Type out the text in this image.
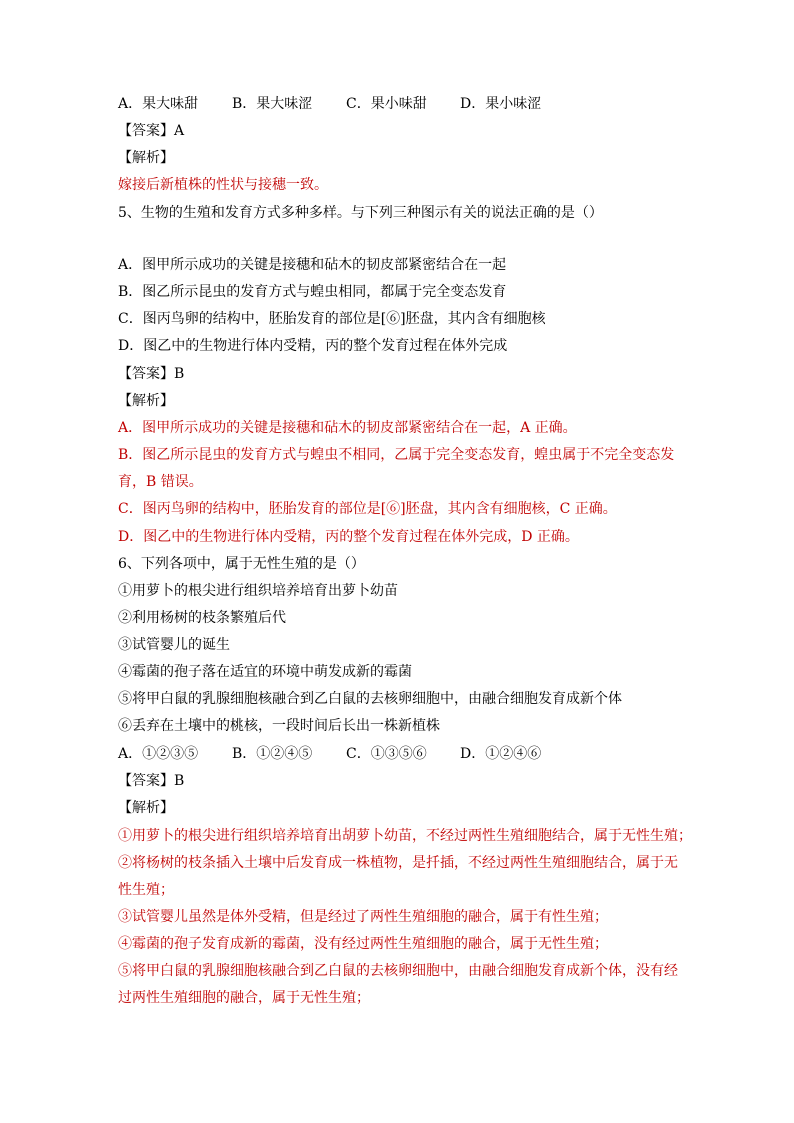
A．果大味甜 B．果大味涩 C．果小味甜 D．果小味涩
【答案】A
【解析】
嫁接后新植株的性状与接穗一致。
5、生物的生殖和发育方式多种多样。与下列三种图示有关的说法正确的是（）
A．图甲所示成功的关键是接穗和砧木的韧皮部紧密结合在一起
B．图乙所示昆虫的发育方式与蝗虫相同，都属于完全变态发育
C．图丙鸟卵的结构中，胚胎发育的部位是[⑥]胚盘，其内含有细胞核
D．图乙中的生物进行体内受精，丙的整个发育过程在体外完成
【答案】B
【解析】
A．图甲所示成功的关键是接穗和砧木的韧皮部紧密结合在一起，A 正确。
B．图乙所示昆虫的发育方式与蝗虫不相同，乙属于完全变态发育，蝗虫属于不完全变态发
育，B 错误。
C．图丙鸟卵的结构中，胚胎发育的部位是[⑥]胚盘，其内含有细胞核，C 正确。
D．图乙中的生物进行体内受精，丙的整个发育过程在体外完成，D 正确。
6、下列各项中，属于无性生殖的是（）
①用萝卜的根尖进行组织培养培育出萝卜幼苗
②利用杨树的枝条繁殖后代
③试管婴儿的诞生
④霉菌的孢子落在适宜的环境中萌发成新的霉菌
⑤将甲白鼠的乳腺细胞核融合到乙白鼠的去核卵细胞中，由融合细胞发育成新个体
⑥丢弃在土壤中的桃核，一段时间后长出一株新植株
A．①②③⑤ B．①②④⑤ C．①③⑤⑥ D．①②④⑥
【答案】B
【解析】
①用萝卜的根尖进行组织培养培育出胡萝卜幼苗，不经过两性生殖细胞结合，属于无性生殖；
②将杨树的枝条插入土壤中后发育成一株植物，是扦插，不经过两性生殖细胞结合，属于无
性生殖；
③试管婴儿虽然是体外受精，但是经过了两性生殖细胞的融合，属于有性生殖；
④霉菌的孢子发育成新的霉菌，没有经过两性生殖细胞的融合，属于无性生殖；
⑤将甲白鼠的乳腺细胞核融合到乙白鼠的去核卵细胞中，由融合细胞发育成新个体，没有经
过两性生殖细胞的融合，属于无性生殖；
